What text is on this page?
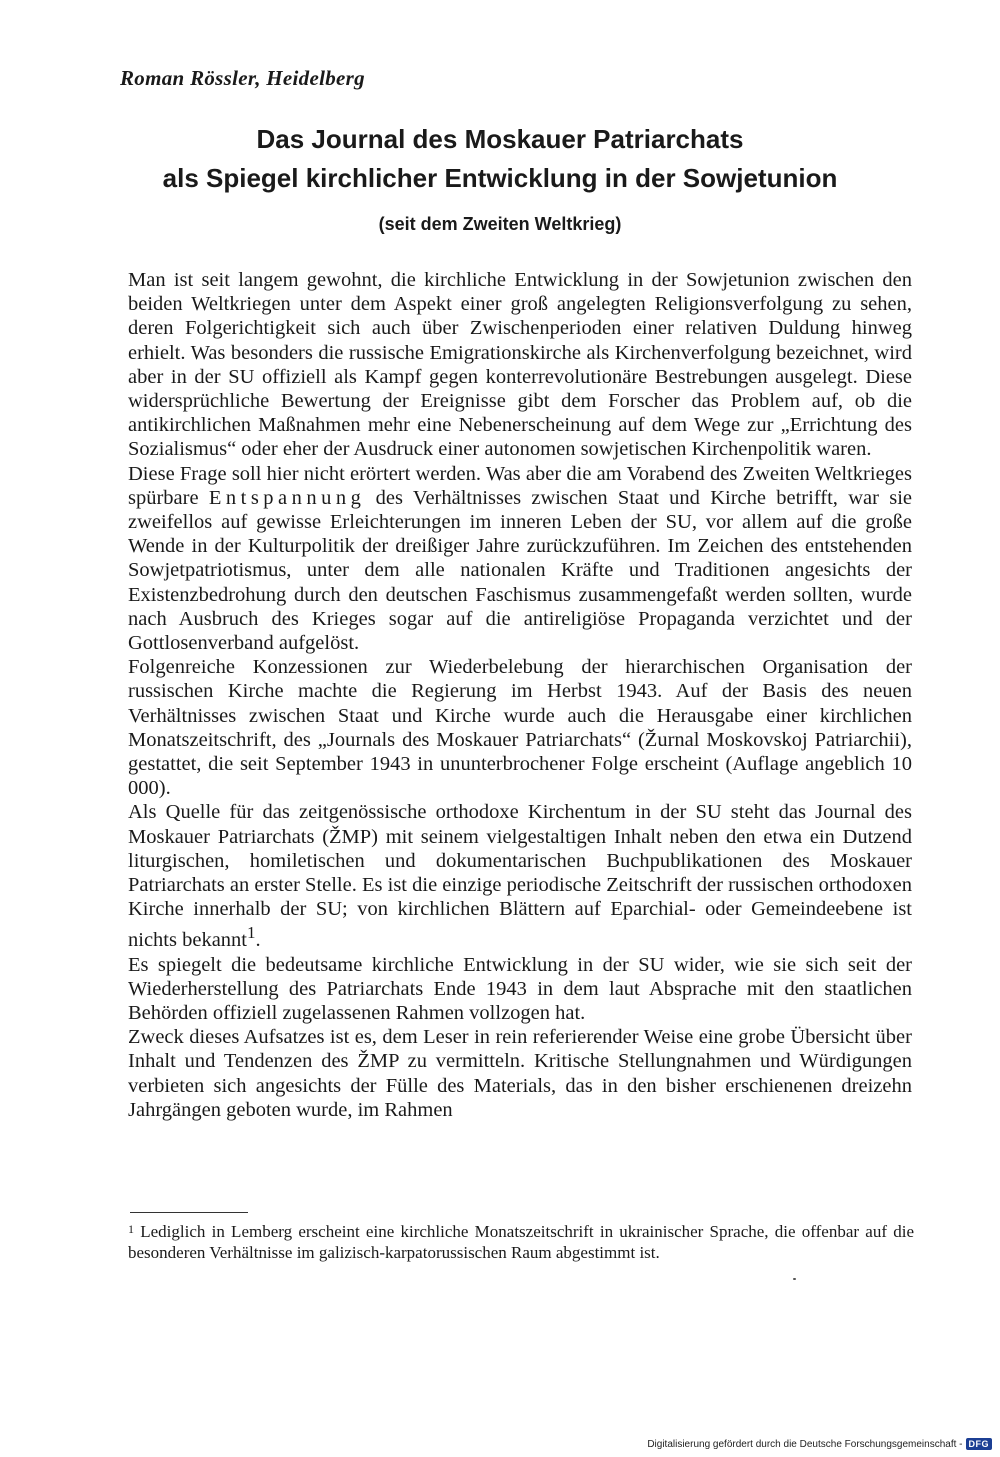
Roman Rössler, Heidelberg
Das Journal des Moskauer Patriarchats
als Spiegel kirchlicher Entwicklung in der Sowjetunion
(seit dem Zweiten Weltkrieg)

Man ist seit langem gewohnt, die kirchliche Entwicklung in der Sowjetunion zwischen den beiden Weltkriegen unter dem Aspekt einer groß angelegten Religionsverfolgung zu sehen, deren Folgerichtigkeit sich auch über Zwischenperioden einer relativen Duldung hinweg erhielt. Was besonders die russische Emigrationskirche als Kirchenverfolgung bezeichnet, wird aber in der SU offiziell als Kampf gegen konterrevolutionäre Bestrebungen ausgelegt. Diese widersprüchliche Bewertung der Ereignisse gibt dem Forscher das Problem auf, ob die antikirchlichen Maßnahmen mehr eine Nebenerscheinung auf dem Wege zur „Errichtung des Sozialismus“ oder eher der Ausdruck einer autonomen sowjetischen Kirchenpolitik waren.

Diese Frage soll hier nicht erörtert werden. Was aber die am Vorabend des Zweiten Weltkrieges spürbare Entspannung des Verhältnisses zwischen Staat und Kirche betrifft, war sie zweifellos auf gewisse Erleichterungen im inneren Leben der SU, vor allem auf die große Wende in der Kulturpolitik der dreißiger Jahre zurückzuführen. Im Zeichen des entstehenden Sowjetpatriotismus, unter dem alle nationalen Kräfte und Traditionen angesichts der Existenzbedrohung durch den deutschen Faschismus zusammengefaßt werden sollten, wurde nach Ausbruch des Krieges sogar auf die antireligiöse Propaganda verzichtet und der Gottlosenverband aufgelöst.

Folgenreiche Konzessionen zur Wiederbelebung der hierarchischen Organisation der russischen Kirche machte die Regierung im Herbst 1943. Auf der Basis des neuen Verhältnisses zwischen Staat und Kirche wurde auch die Herausgabe einer kirchlichen Monatszeitschrift, des „Journals des Moskauer Patriarchats“ (Žurnal Moskovskoj Patriarchii), gestattet, die seit September 1943 in ununterbrochener Folge erscheint (Auflage angeblich 10 000).

Als Quelle für das zeitgenössische orthodoxe Kirchentum in der SU steht das Journal des Moskauer Patriarchats (ŽMP) mit seinem vielgestaltigen Inhalt neben den etwa ein Dutzend liturgischen, homiletischen und dokumentarischen Buchpublikationen des Moskauer Patriarchats an erster Stelle. Es ist die einzige periodische Zeitschrift der russischen orthodoxen Kirche innerhalb der SU; von kirchlichen Blättern auf Eparchial- oder Gemeindeebene ist nichts bekannt$^1$.

Es spiegelt die bedeutsame kirchliche Entwicklung in der SU wider, wie sie sich seit der Wiederherstellung des Patriarchats Ende 1943 in dem laut Absprache mit den staatlichen Behörden offiziell zugelassenen Rahmen vollzogen hat.

Zweck dieses Aufsatzes ist es, dem Leser in rein referierender Weise eine grobe Übersicht über Inhalt und Tendenzen des ŽMP zu vermitteln. Kritische Stellungnahmen und Würdigungen verbieten sich angesichts der Fülle des Materials, das in den bisher erschienenen dreizehn Jahrgängen geboten wurde, im Rahmen

$^1$ Lediglich in Lemberg erscheint eine kirchliche Monatszeitschrift in ukrainischer Sprache, die offenbar auf die besonderen Verhältnisse im galizisch-karpatorussischen Raum abgestimmt ist.

Digitalisierung gefördert durch die Deutsche Forschungsgemeinschaft - DFG
